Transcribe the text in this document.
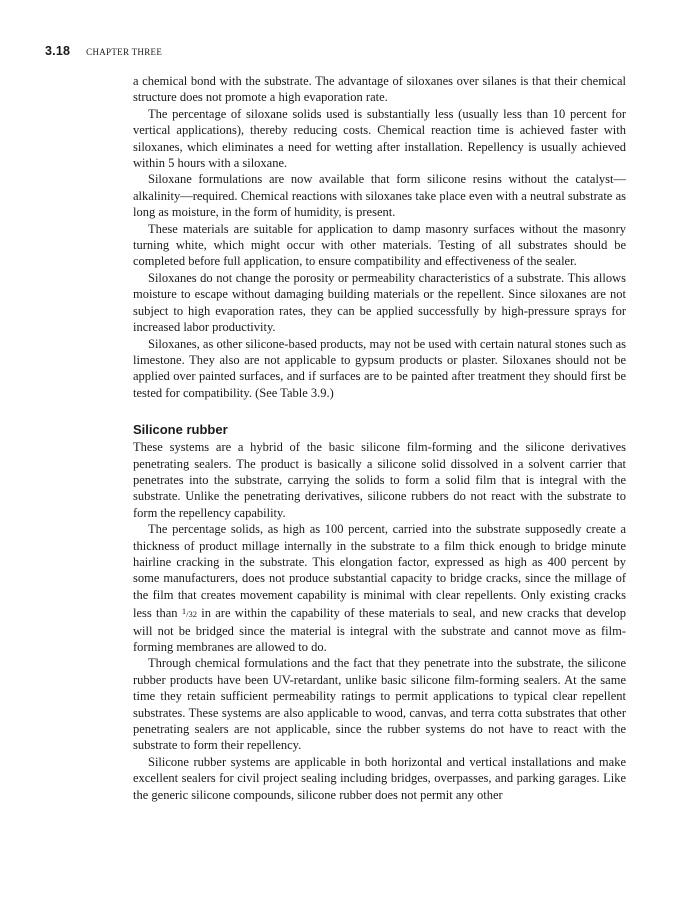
3.18 CHAPTER THREE

a chemical bond with the substrate. The advantage of siloxanes over silanes is that their chemical structure does not promote a high evaporation rate.

The percentage of siloxane solids used is substantially less (usually less than 10 percent for vertical applications), thereby reducing costs. Chemical reaction time is achieved faster with siloxanes, which eliminates a need for wetting after installation. Repellency is usually achieved within 5 hours with a siloxane.

Siloxane formulations are now available that form silicone resins without the catalyst—alkalinity—required. Chemical reactions with siloxanes take place even with a neutral substrate as long as moisture, in the form of humidity, is present.

These materials are suitable for application to damp masonry surfaces without the masonry turning white, which might occur with other materials. Testing of all substrates should be completed before full application, to ensure compatibility and effectiveness of the sealer.

Siloxanes do not change the porosity or permeability characteristics of a substrate. This allows moisture to escape without damaging building materials or the repellent. Since siloxanes are not subject to high evaporation rates, they can be applied successfully by high-pressure sprays for increased labor productivity.

Siloxanes, as other silicone-based products, may not be used with certain natural stones such as limestone. They also are not applicable to gypsum products or plaster. Siloxanes should not be applied over painted surfaces, and if surfaces are to be painted after treatment they should first be tested for compatibility. (See Table 3.9.)

Silicone rubber

These systems are a hybrid of the basic silicone film-forming and the silicone derivatives penetrating sealers. The product is basically a silicone solid dissolved in a solvent carrier that penetrates into the substrate, carrying the solids to form a solid film that is integral with the substrate. Unlike the penetrating derivatives, silicone rubbers do not react with the substrate to form the repellency capability.

The percentage solids, as high as 100 percent, carried into the substrate supposedly create a thickness of product millage internally in the substrate to a film thick enough to bridge minute hairline cracking in the substrate. This elongation factor, expressed as high as 400 percent by some manufacturers, does not produce substantial capacity to bridge cracks, since the millage of the film that creates movement capability is minimal with clear repellents. Only existing cracks less than $^1$/32 in are within the capability of these materials to seal, and new cracks that develop will not be bridged since the material is integral with the substrate and cannot move as film-forming membranes are allowed to do.

Through chemical formulations and the fact that they penetrate into the substrate, the silicone rubber products have been UV-retardant, unlike basic silicone film-forming sealers. At the same time they retain sufficient permeability ratings to permit applications to typical clear repellent substrates. These systems are also applicable to wood, canvas, and terra cotta substrates that other penetrating sealers are not applicable, since the rubber systems do not have to react with the substrate to form their repellency.

Silicone rubber systems are applicable in both horizontal and vertical installations and make excellent sealers for civil project sealing including bridges, overpasses, and parking garages. Like the generic silicone compounds, silicone rubber does not permit any other
